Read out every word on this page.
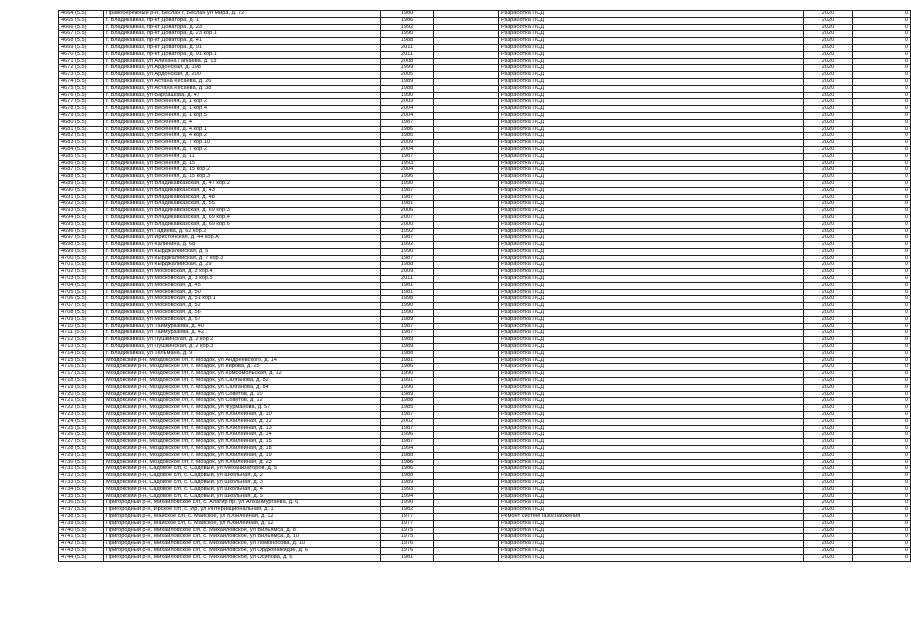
4664 (5.5)	Правобережный р-н, Беслан г, Беслан ул Мира, д. 72	1980		Разработка ПСД	2020	0
4665 (5.5)	г. Владикавказ, пр-кт Доватора, д. 1	1986		Разработка ПСД	2020	0
4666 (5.5)	г. Владикавказ, пр-кт Доватора, д. 23	1992		Разработка ПСД	2020	0
4667 (5.5)	г. Владикавказ, пр-кт Доватора, д. 23 кор.1	1990		Разработка ПСД	2020	0
4668 (5.5)	г. Владикавказ, пр-кт Доватора, д. 41	1988		Разработка ПСД	2020	0
4669 (5.5)	г. Владикавказ, пр-кт Доватора, д. 91	2011		Разработка ПСД	2020	0
4670 (5.5)	г. Владикавказ, пр-кт Доватора, д. 91 кор.1	2011		Разработка ПСД	2020	0
4671 (5.5)	г. Владикавказ, ул Алихана Гагкаева, д. 13	2008		Разработка ПСД	2020	0
4672 (5.5)	г. Владикавказ, ул Ардонская, д. 198	1999		Разработка ПСД	2020	0
4673 (5.5)	г. Владикавказ, ул Ардонская, д. 200	2005		Разработка ПСД	2020	0
4674 (5.5)	г. Владикавказ, ул Астана Кесаева, д. 26	1989		Разработка ПСД	2020	0
4675 (5.5)	г. Владикавказ, ул Астана Кесаева, д. 38	1988		Разработка ПСД	2020	0
4676 (5.5)	г. Владикавказ, ул Барбашова, д. 47	1990		Разработка ПСД	2020	0
4677 (5.5)	г. Владикавказ, ул Весенняя, д. 1 кор.2	2003		Разработка ПСД	2020	0
4678 (5.5)	г. Владикавказ, ул Весенняя, д. 1 кор.4	2004		Разработка ПСД	2020	0
4679 (5.5)	г. Владикавказ, ул Весенняя, д. 1 кор.5	2004		Разработка ПСД	2020	0
4680 (5.5)	г. Владикавказ, ул Весенняя, д. 4	1987		Разработка ПСД	2020	0
4681 (5.5)	г. Владикавказ, ул Весенняя, д. 4 кор.1	1986		Разработка ПСД	2020	0
4682 (5.5)	г. Владикавказ, ул Весенняя, д. 4 кор.2	1986		Разработка ПСД	2020	0
4683 (5.5)	г. Владикавказ, ул Весенняя, д. 7 кор.10	2009		Разработка ПСД	2020	0
4684 (5.5)	г. Владикавказ, ул Весенняя, д. 7 кор.2	2004		Разработка ПСД	2020	0
4685 (5.5)	г. Владикавказ, ул Весенняя, д. 11	1987		Разработка ПСД	2020	0
4686 (5.5)	г. Владикавказ, ул Весенняя, д. 15	1993		Разработка ПСД	2020	0
4687 (5.5)	г. Владикавказ, ул Весенняя, д. 15 кор.2	2004		Разработка ПСД	2020	0
4688 (5.5)	г. Владикавказ, ул Весенняя, д. 15 кор.3	1996		Разработка ПСД	2020	0
4689 (5.5)	г. Владикавказ, ул Владикавказская, д. 47 кор.2	1990		Разработка ПСД	2020	0
4690 (5.5)	г. Владикавказ, ул Владикавказская, д. 43	1987		Разработка ПСД	2020	0
4691 (5.5)	г. Владикавказ, ул Владикавказская, д. 48	1987		Разработка ПСД	2020	0
4692 (5.5)	г. Владикавказ, ул Владикавказская, д. 55	1981		Разработка ПСД	2020	0
4693 (5.5)	г. Владикавказ, ул Владикавказская, д. 69 кор.3	2006		Разработка ПСД	2020	0
4694 (5.5)	г. Владикавказ, ул Владикавказская, д. 69 кор.4	2007		Разработка ПСД	2020	0
4695 (5.5)	г. Владикавказ, ул Владикавказская, д. 69 кор.6	2000		Разработка ПСД	2020	0
4696 (5.5)	г. Владикавказ, ул Гадиева, д. 62 кор.2	1992		Разработка ПСД	2020	0
4697 (5.5)	г. Владикавказ, ул Иристонская, д. 44 кор.А	1987		Разработка ПСД	2020	0
4698 (5.5)	г. Владикавказ, ул Калинина, д. 68	1992		Разработка ПСД	2020	0
4699 (5.5)	г. Владикавказ, ул Кырджалийская, д. 5	1990		Разработка ПСД	2020	0
4700 (5.5)	г. Владикавказ, ул Кырджалийская, д. 7 кор.3	1987		Разработка ПСД	2020	0
4701 (5.5)	г. Владикавказ, ул Кырджалийская, д. 29	1988		Разработка ПСД	2020	0
4702 (5.5)	г. Владикавказ, ул Московская, д. 3 кор.4	2009		Разработка ПСД	2020	0
4703 (5.5)	г. Владикавказ, ул Московская, д. 3 кор.5	2011		Разработка ПСД	2020	0
4704 (5.5)	г. Владикавказ, ул Московская, д. 45	1981		Разработка ПСД	2020	0
4705 (5.5)	г. Владикавказ, ул Московская, д. 50	1981		Разработка ПСД	2020	0
4706 (5.5)	г. Владикавказ, ул Московская, д. 51 кор.1	1998		Разработка ПСД	2020	0
4707 (5.5)	г. Владикавказ, ул Московская, д. 52	1990		Разработка ПСД	2020	0
4708 (5.5)	г. Владикавказ, ул Московская, д. 56	1990		Разработка ПСД	2020	0
4709 (5.5)	г. Владикавказ, ул Московская, д. 57	1989		Разработка ПСД	2020	0
4710 (5.5)	г. Владикавказ, ул Таймуразова, д. 40	1987		Разработка ПСД	2020	0
4711 (5.5)	г. Владикавказ, ул Таймуразова, д. 42	1987		Разработка ПСД	2020	0
4712 (5.5)	г. Владикавказ, ул Пушкинская, д. 2 кор.2	1989		Разработка ПСД	2020	0
4713 (5.5)	г. Владикавказ, ул Пушкинская, д. 2 кор.3	1989		Разработка ПСД	2020	0
4714 (5.5)	г. Владикавказ, ул Тельмана, д. 9	1988		Разработка ПСД	2020	0
4715 (5.5)	Моздокский р-н, Моздокское г/п, г. Моздок, ул Андреевского, д. 14	1981		Разработка ПСД	2020	0
4716 (5.5)	Моздокский р-н, Моздокское г/п, г. Моздок, ул Кирова, д. 25	1986		Разработка ПСД	2020	0
4717 (5.5)	Моздокский р-н, Моздокское г/п, г. Моздок, ул Комсомольская, д. 12	1990		Разработка ПСД	2020	0
4718 (5.5)	Моздокский р-н, Моздокское г/п, г. Моздок, ул Салганова, д. 82	1991		Разработка ПСД	2020	0
4719 (5.5)	Моздокский р-н, Моздокское г/п, г. Моздок, ул Салганова, д. 84	1990		Разработка ПСД	2020	0
4720 (5.5)	Моздокский р-н, Моздокское г/п, г. Моздок, ул Советов, д. 10	1989		Разработка ПСД	2020	0
4721 (5.5)	Моздокский р-н, Моздокское г/п, г. Моздок, ул Советов, д. 12	1988		Разработка ПСД	2020	0
4722 (5.5)	Моздокский р-н, Моздокское г/п, г. Моздок, ул Фурманова, д. 57	1985		Разработка ПСД	2020	0
4723 (5.5)	Моздокский р-н, Моздокское г/п, г. Моздок, ул Юбилейная, д. 10	1987		Разработка ПСД	2020	0
4724 (5.5)	Моздокский р-н, Моздокское г/п, г. Моздок, ул Юбилейная, д. 12	2002		Разработка ПСД	2020	0
4725 (5.5)	Моздокский р-н, Моздокское г/п, г. Моздок, ул Юбилейная, д. 13	1987		Разработка ПСД	2020	0
4726 (5.5)	Моздокский р-н, Моздокское г/п, г. Моздок, ул Юбилейная, д. 14	1996		Разработка ПСД	2020	0
4727 (5.5)	Моздокский р-н, Моздокское г/п, г. Моздок, ул Юбилейная, д. 15	1987		Разработка ПСД	2020	0
4728 (5.5)	Моздокский р-н, Моздокское г/п, г. Моздок, ул Юбилейная, д. 18	1994		Разработка ПСД	2020	0
4729 (5.5)	Моздокский р-н, Моздокское г/п, г. Моздок, ул Юбилейная, д. 19	1988		Разработка ПСД	2020	0
4730 (5.5)	Моздокский р-н, Моздокское г/п, г. Моздок, ул Юбилейная, д. 23	1986		Разработка ПСД	2020	0
4731 (5.5)	Моздокский р-н, Садовое с/п, с. Садовый, ул Механизаторов, д. 5	1986		Разработка ПСД	2020	0
4732 (5.5)	Моздокский р-н, Садовое с/п, с. Садовый, ул Школьная, д. 2	1988		Разработка ПСД	2020	0
4733 (5.5)	Моздокский р-н, Садовое с/п, с. Садовый, ул Школьная, д. 3	1989		Разработка ПСД	2020	0
4734 (5.5)	Моздокский р-н, Садовое с/п, с. Садовый, ул Школьная, д. 4	1993		Разработка ПСД	2020	0
4735 (5.5)	Моздокский р-н, Садовое с/п, с. Садовый, ул Школьная, д. 5	1994		Разработка ПСД	2020	0
4736 (5.5)	Пригородный р-н, Михайловское с/п, с. Алагир пр, ул Алханмургаева, д. 6	1990		Разработка ПСД	2020	0
4737 (5.5)	Пригородный р-н, Ирское с/п, с. Ир, ул Интернациональная, д. 1	1982		Разработка ПСД	2020	0
4738 (5.5)	Пригородный р-н, Майское с/п, с. Майское, ул Юбилейная, д. 12	1977		Ремонт систем газоснабжения	2020	0
4739 (5.5)	Пригородный р-н, Майское с/п, с. Майское, ул Юбилейная, д. 12	1977		Разработка ПСД	2020	0
4740 (5.5)	Пригородный р-н, Михайловское с/п, с. Михайловское, ул Вильямса, д. 8	1975		Разработка ПСД	2020	0
4741 (5.5)	Пригородный р-н, Михайловское с/п, с. Михайловское, ул Вильямса, д. 10	1975		Разработка ПСД	2020	0
4742 (5.5)	Пригородный р-н, Михайловское с/п, с. Михайловское, ул Ломоносова, д. 10	1976		Разработка ПСД	2020	0
4743 (5.5)	Пригородный р-н, Михайловское с/п, с. Михайловское, ул Орджоникидзе, д. 6	1976		Разработка ПСД	2020	0
4744 (5.5)	Пригородный р-н, Михайловское с/п, с. Михайловское, ул Осипова, д. 6	1981		Разработка ПСД	2020	0
